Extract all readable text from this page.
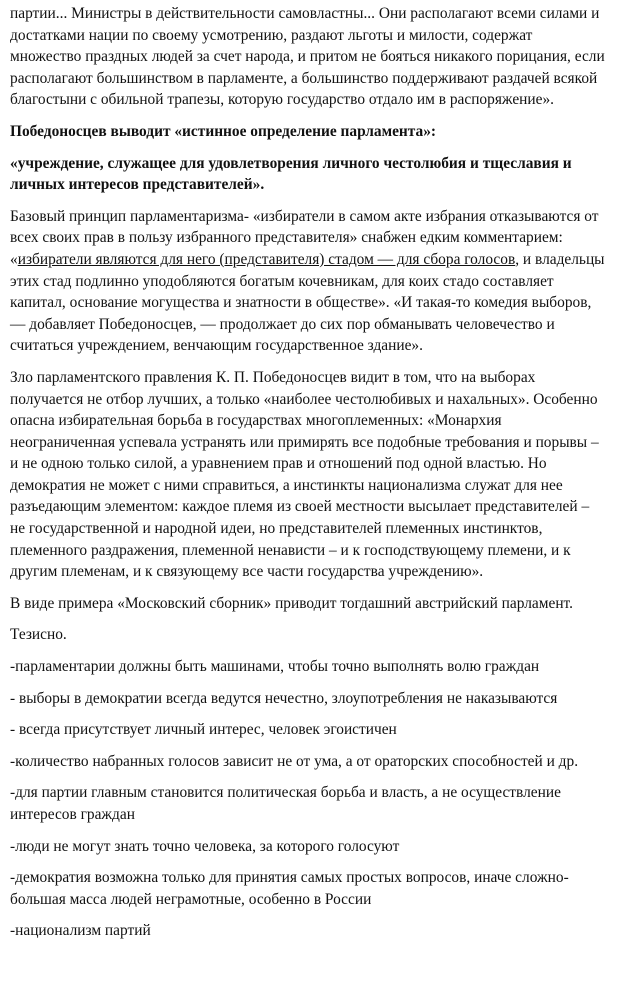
партии... Министры в действительности самовластны... Они располагают всеми силами и достатками нации по своему усмотрению, раздают льготы и милости, содержат множество праздных людей за счет народа, и притом не бояться никакого порицания, если располагают большинством в парламенте, а большинство поддерживают раздачей всякой благостыни с обильной трапезы, которую государство отдало им в распоряжение».

Победоносцев выводит «истинное определение парламента»:

«учреждение, служащее для удовлетворения личного честолюбия и тщеславия и личных интересов представителей».

Базовый принцип парламентаризма- «избиратели в самом акте избрания отказываются от всех своих прав в пользу избранного представителя» снабжен едким комментарием: «избиратели являются для него (представителя) стадом — для сбора голосов, и владельцы этих стад подлинно уподобляются богатым кочевникам, для коих стадо составляет капитал, основание могущества и знатности в обществе». «И такая-то комедия выборов, — добавляет Победоносцев, — продолжает до сих пор обманывать человечество и считаться учреждением, венчающим государственное здание».

Зло парламентского правления К. П. Победоносцев видит в том, что на выборах получается не отбор лучших, а только «наиболее честолюбивых и нахальных». Особенно опасна избирательная борьба в государствах многоплеменных: «Монархия неограниченная успевала устранять или примирять все подобные требования и порывы – и не одною только силой, а уравнением прав и отношений под одной властью. Но демократия не может с ними справиться, а инстинкты национализма служат для нее разъедающим элементом: каждое племя из своей местности высылает представителей – не государственной и народной идеи, но представителей племенных инстинктов, племенного раздражения, племенной ненависти – и к господствующему племени, и к другим племенам, и к связующему все части государства учреждению».

В виде примера «Московский сборник» приводит тогдашний австрийский парламент.

Тезисно.

-парламентарии должны быть машинами, чтобы точно выполнять волю граждан

- выборы в демократии всегда ведутся нечестно, злоупотребления не наказываются

- всегда присутствует личный интерес, человек эгоистичен

-количество набранных голосов зависит не от ума, а от ораторских способностей и др.

-для партии главным становится политическая борьба и власть, а не осуществление интересов граждан

-люди не могут знать точно человека, за которого голосуют

-демократия возможна только для принятия самых простых вопросов, иначе сложно- большая масса людей неграмотные, особенно в России

-национализм партий
